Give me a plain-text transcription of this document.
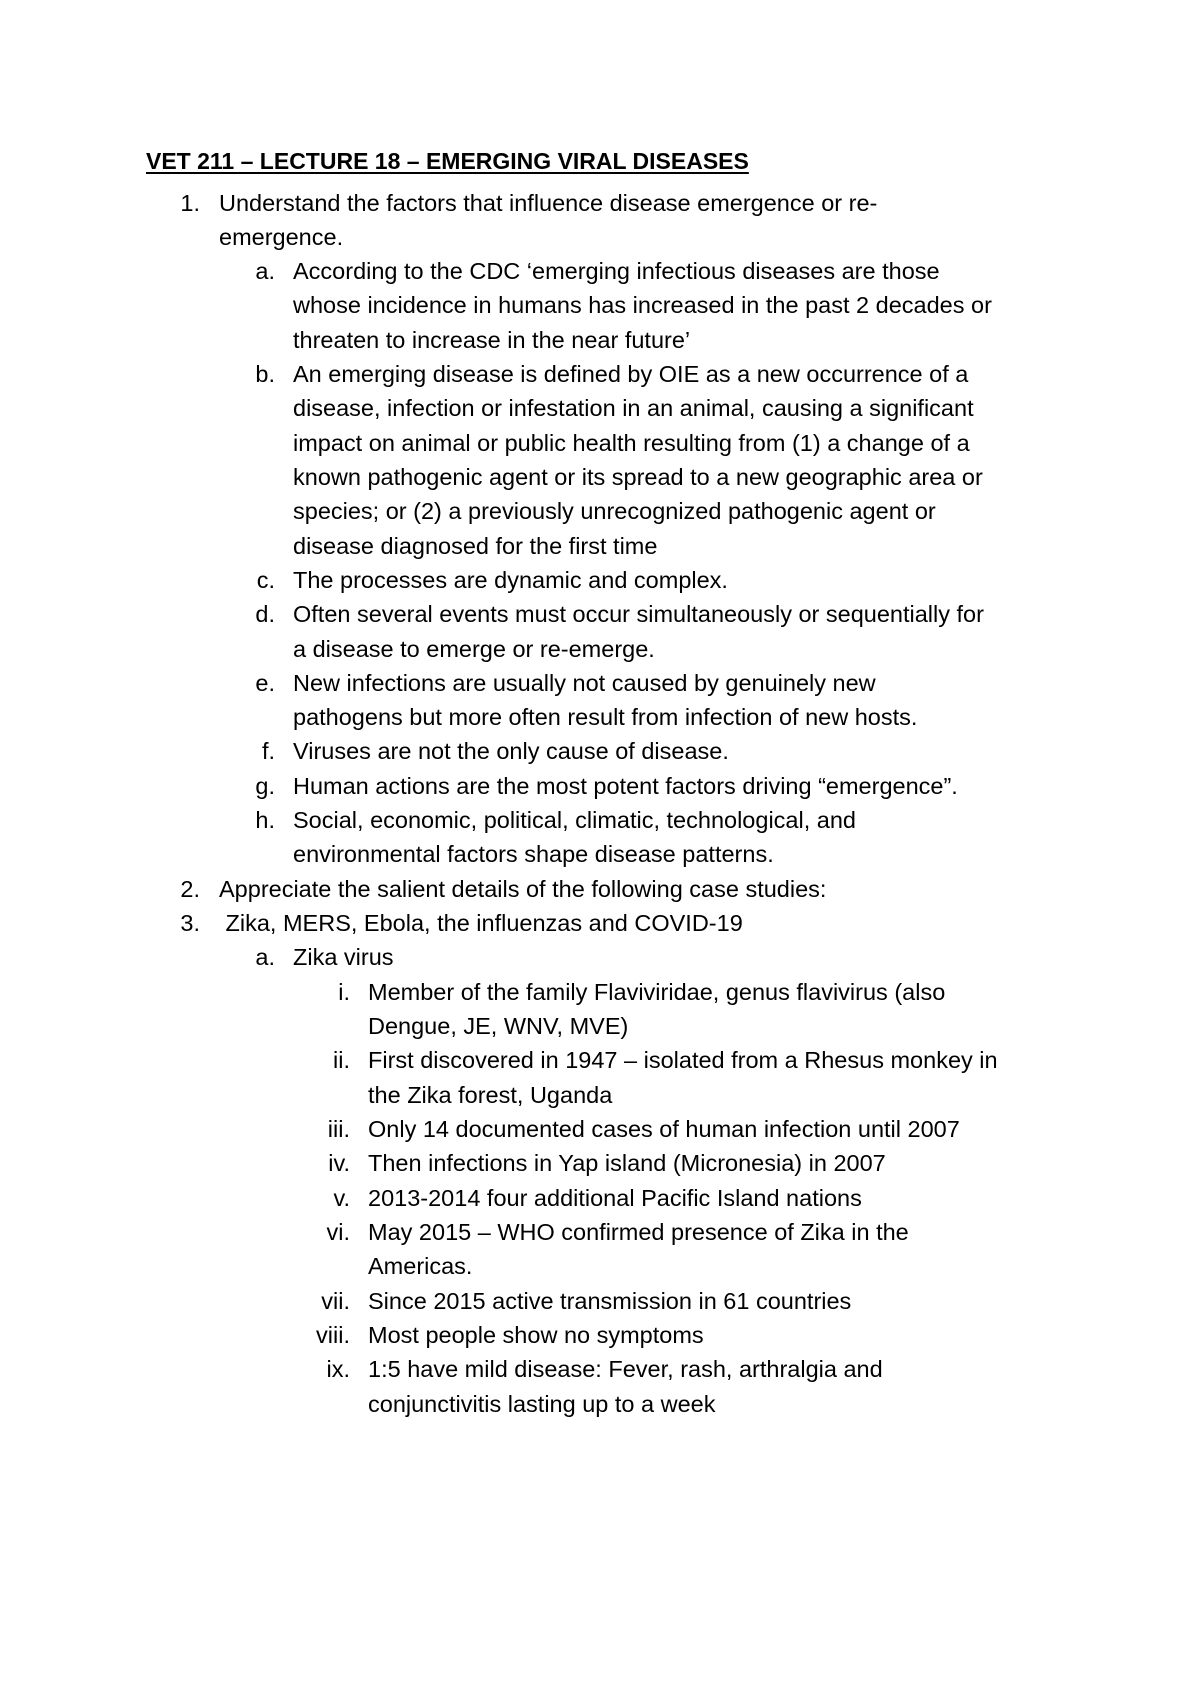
VET 211 – LECTURE 18 – EMERGING VIRAL DISEASES
1. Understand the factors that influence disease emergence or re-
emergence.
a. According to the CDC ‘emerging infectious diseases are those
whose incidence in humans has increased in the past 2 decades or
threaten to increase in the near future’
b. An emerging disease is defined by OIE as a new occurrence of a
disease, infection or infestation in an animal, causing a significant
impact on animal or public health resulting from (1) a change of a
known pathogenic agent or its spread to a new geographic area or
species; or (2) a previously unrecognized pathogenic agent or
disease diagnosed for the first time
c. The processes are dynamic and complex.
d. Often several events must occur simultaneously or sequentially for
a disease to emerge or re-emerge.
e. New infections are usually not caused by genuinely new
pathogens but more often result from infection of new hosts.
f. Viruses are not the only cause of disease.
g. Human actions are the most potent factors driving “emergence”.
h. Social, economic, political, climatic, technological, and
environmental factors shape disease patterns.
2. Appreciate the salient details of the following case studies:
3. Zika, MERS, Ebola, the influenzas and COVID-19
a. Zika virus
i. Member of the family Flaviviridae, genus flavivirus (also
Dengue, JE, WNV, MVE)
ii. First discovered in 1947 – isolated from a Rhesus monkey in
the Zika forest, Uganda
iii. Only 14 documented cases of human infection until 2007
iv. Then infections in Yap island (Micronesia) in 2007
v. 2013-2014 four additional Pacific Island nations
vi. May 2015 – WHO confirmed presence of Zika in the
Americas.
vii. Since 2015 active transmission in 61 countries
viii. Most people show no symptoms
ix. 1:5 have mild disease: Fever, rash, arthralgia and
conjunctivitis lasting up to a week
